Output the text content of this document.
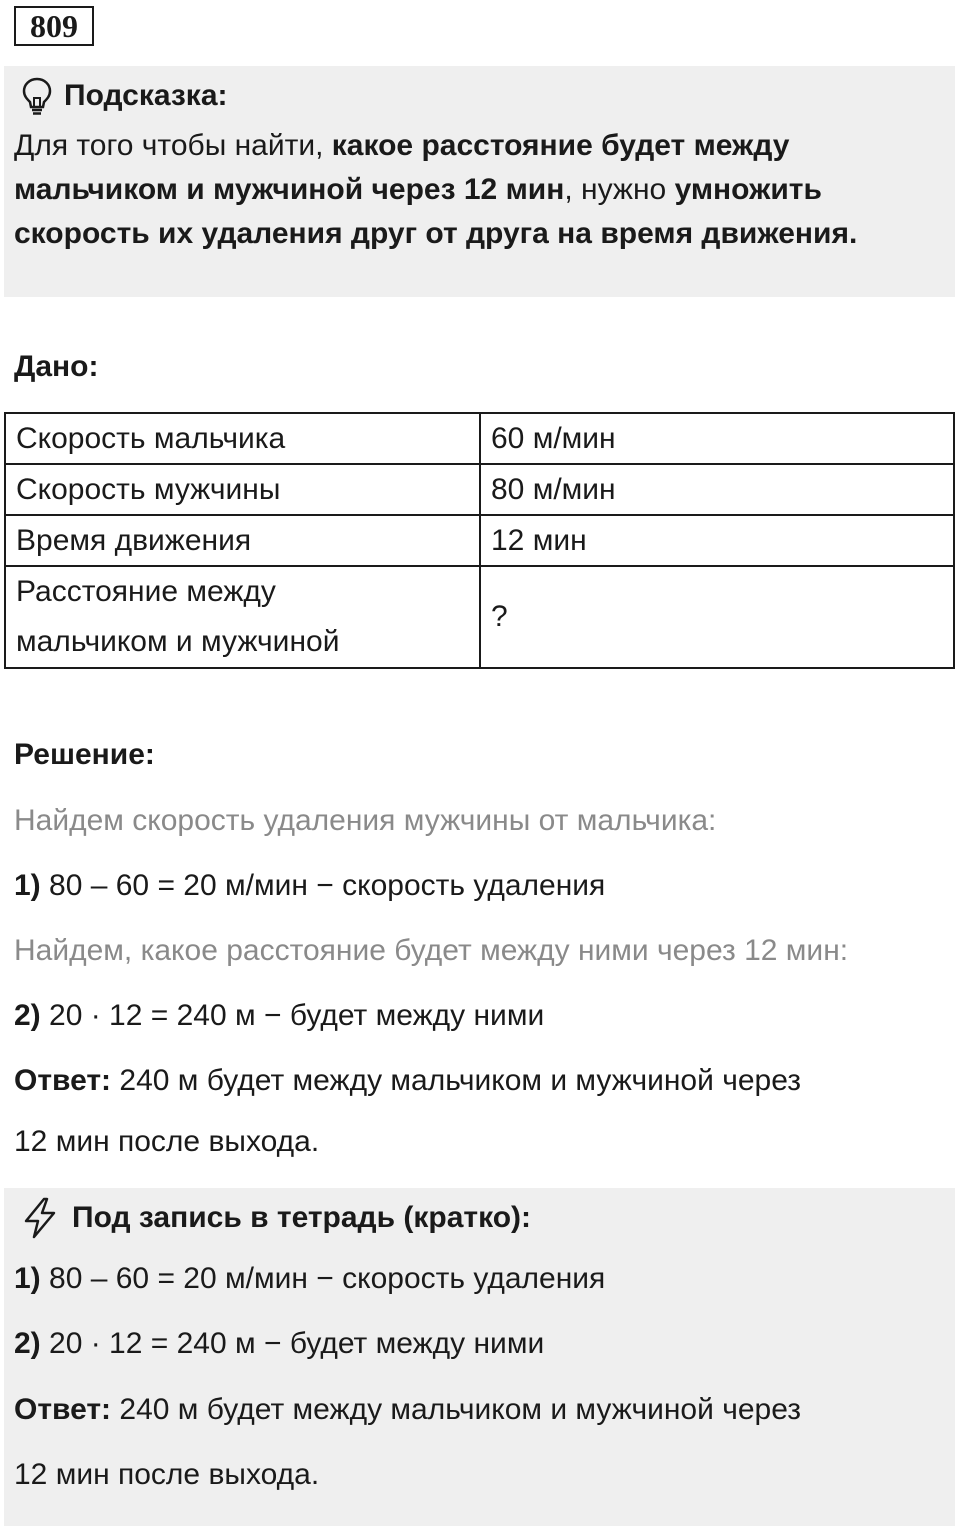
809
Подсказка:
Для того чтобы найти, какое расстояние будет между мальчиком и мужчиной через 12 мин, нужно умножить скорость их удаления друг от друга на время движения.
Дано:
Скорость мальчика	60 м/мин
Скорость мужчины	80 м/мин
Время движения	12 мин

Расстояние между
мальчиком и мужчиной	?
Решение:
Найдем скорость удаления мужчины от мальчика:
1) 80 – 60 = 20 м/мин − скорость удаления
Найдем, какое расстояние будет между ними через 12 мин:
2) 20 · 12 = 240 м − будет между ними
Ответ: 240 м будет между мальчиком и мужчиной через
12 мин после выхода.
Под запись в тетрадь (кратко):
1) 80 – 60 = 20 м/мин − скорость удаления
2) 20 · 12 = 240 м − будет между ними
Ответ: 240 м будет между мальчиком и мужчиной через
12 мин после выхода.
